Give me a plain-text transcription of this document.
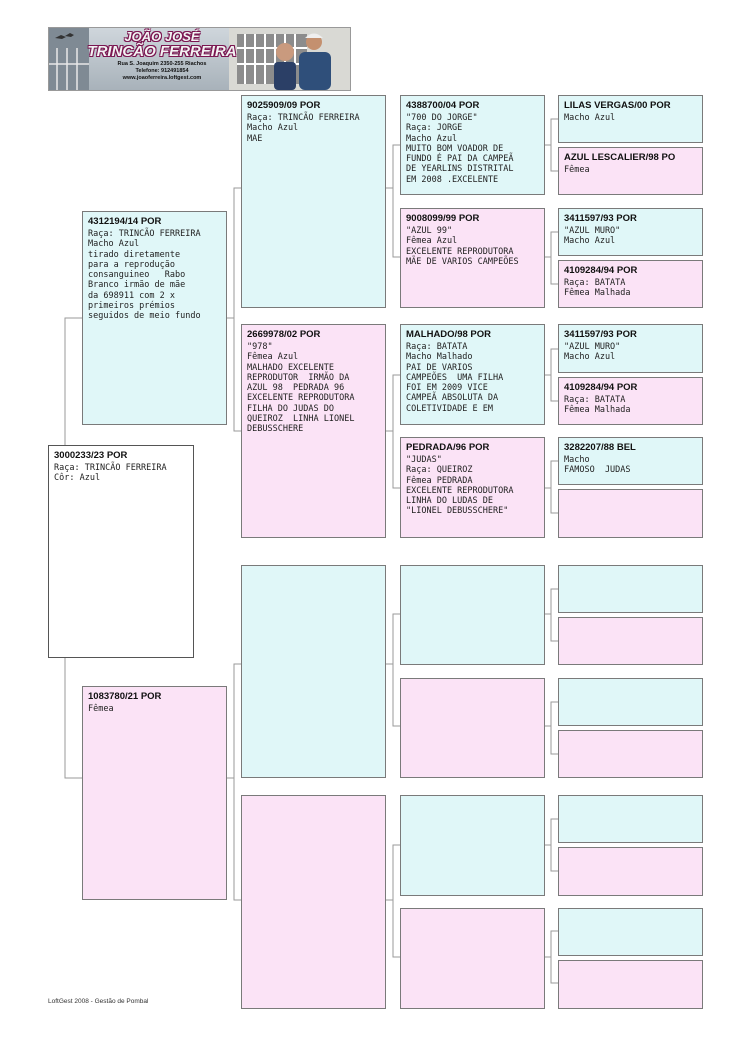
JOÃO JOSÉ
TRINCÃO FERREIRA
Rua S. Joaquim 2350-255 Riachos
Telefone: 912491854
www.joaoferreira.loftgest.com
3000233/23 POR
Raça: TRINCÃO FERREIRA
Côr: Azul
4312194/14 POR
Raça: TRINCÃO FERREIRA
Macho Azul
tirado diretamente
para a reprodução
consanguineo   Rabo
Branco irmão de mãe
da 698911 com 2 x
primeiros prémios
seguidos de meio fundo
1083780/21 POR
Fêmea
9025909/09 POR
Raça: TRINCÃO FERREIRA
Macho Azul
MAE
2669978/02 POR
"978"
Fêmea Azul
MALHADO EXCELENTE
REPRODUTOR  IRMÃO DA
AZUL 98  PEDRADA 96
EXCELENTE REPRODUTORA
FILHA DO JUDAS DO
QUEIROZ  LINHA LIONEL
DEBUSSCHERE
4388700/04 POR
"700 DO JORGE"
Raça: JORGE
Macho Azul
MUITO BOM VOADOR DE
FUNDO É PAI DA CAMPEÃ
DE YEARLINS DISTRITAL
EM 2008 .EXCELENTE
9008099/99 POR
"AZUL 99"
Fêmea Azul
EXCELENTE REPRODUTORA
MÃE DE VARIOS CAMPEÕES
MALHADO/98 POR
Raça: BATATA
Macho Malhado
PAI DE VARIOS
CAMPEÕES  UMA FILHA
FOI EM 2009 VICE
CAMPEÃ ABSOLUTA DA
COLETIVIDADE E EM
PEDRADA/96 POR
"JUDAS"
Raça: QUEIROZ
Fêmea PEDRADA
EXCELENTE REPRODUTORA
LINHA DO LUDAS DE
"LIONEL DEBUSSCHERE"
LILAS VERGAS/00 POR
Macho Azul
AZUL LESCALIER/98 PO
Fêmea
3411597/93 POR
"AZUL MURO"
Macho Azul
4109284/94 POR
Raça: BATATA
Fêmea Malhada
3411597/93 POR
"AZUL MURO"
Macho Azul
4109284/94 POR
Raça: BATATA
Fêmea Malhada
3282207/88 BEL
Macho
FAMOSO  JUDAS
LoftGest 2008 - Gestão de Pombal
